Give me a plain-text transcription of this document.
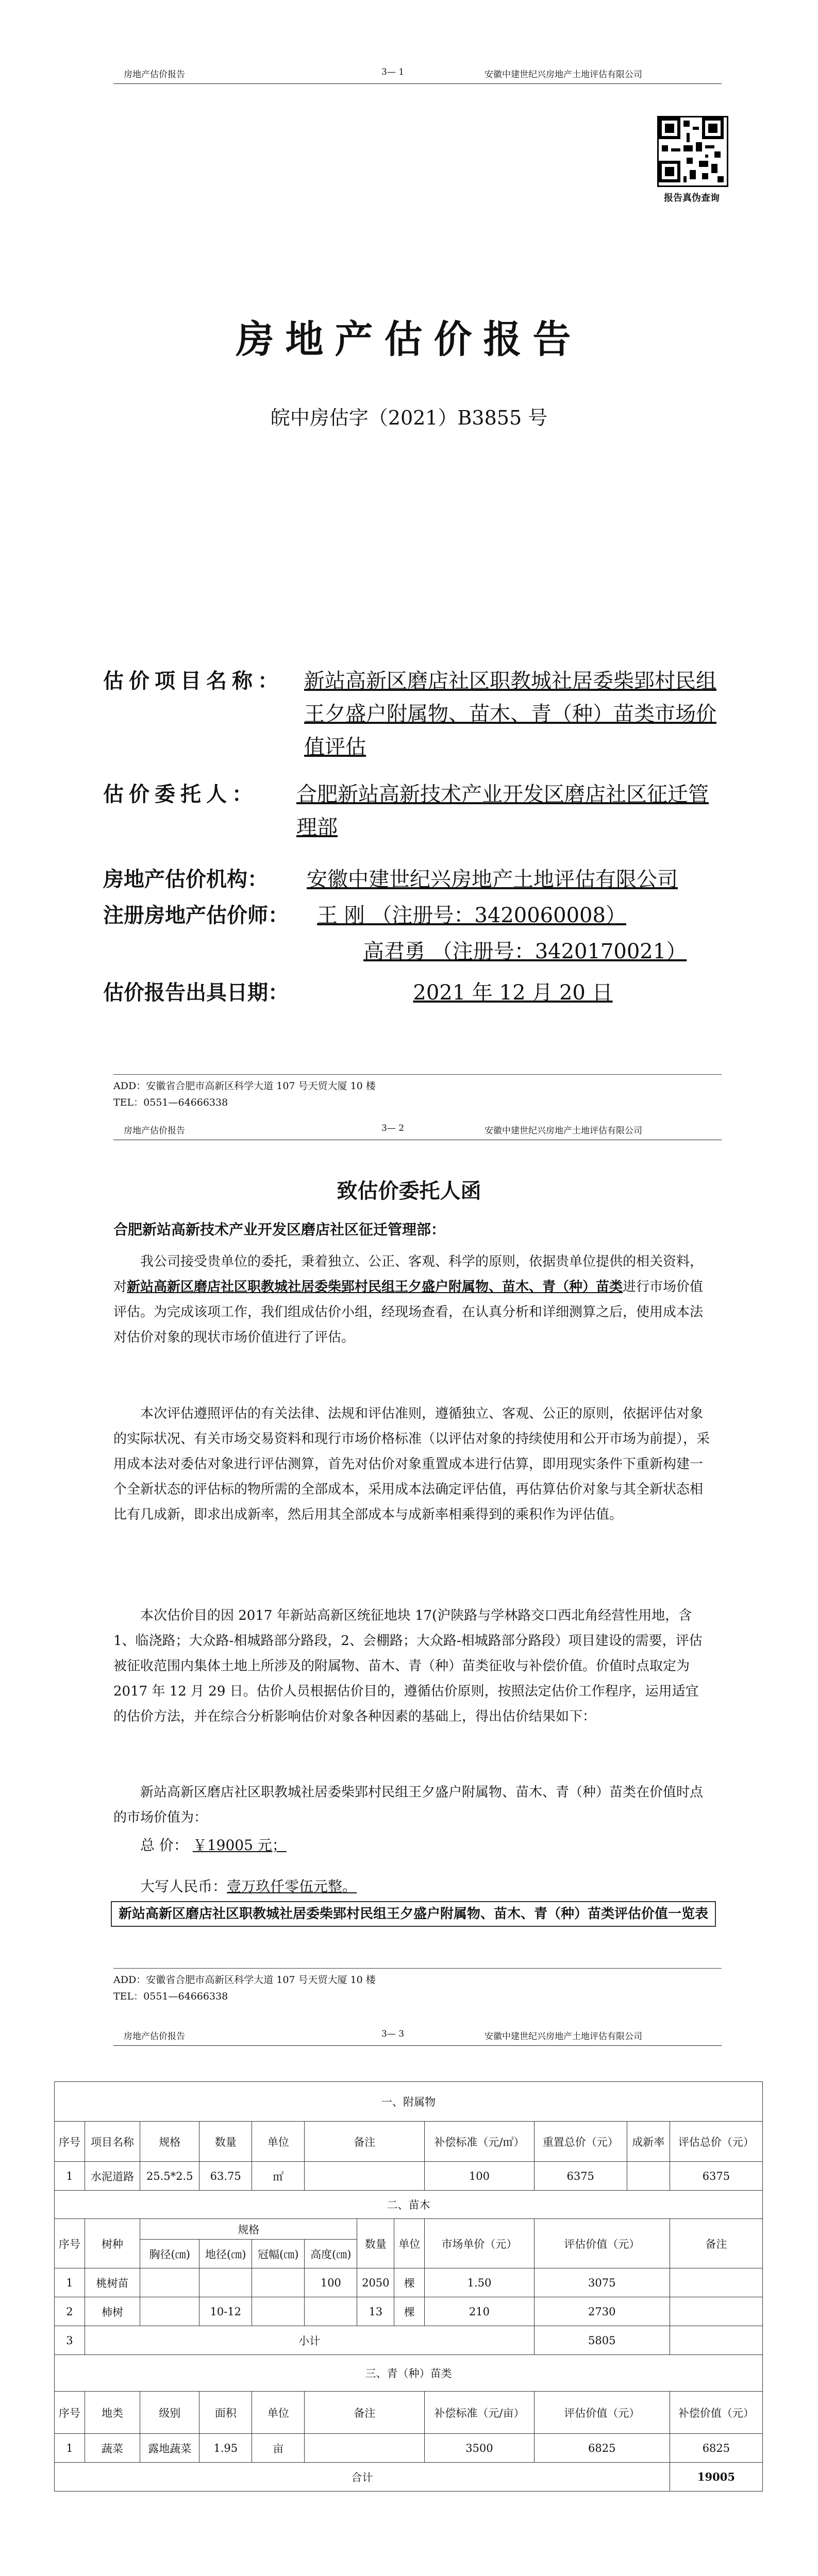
房地产估价报告	3— 1	安徽中建世纪兴房地产土地评估有限公司
报告真伪查询
房地产估价报告
皖中房估字（2021）B3855 号
估价项目名称：	新站高新区磨店社区职教城社居委柴郢村民组王夕盛户附属物、苗木、青（种）苗类市场价值评估
估价委托人：	合肥新站高新技术产业开发区磨店社区征迁管理部
房地产估价机构：	安徽中建世纪兴房地产土地评估有限公司
注册房地产估价师：	王 刚 （注册号：3420060008）
高君勇 （注册号：3420170021）
估价报告出具日期：	2021 年 12 月 20 日
ADD：安徽省合肥市高新区科学大道 107 号天贸大厦 10 楼
TEL：0551—64666338
房地产估价报告	3— 2	安徽中建世纪兴房地产土地评估有限公司
致估价委托人函
合肥新站高新技术产业开发区磨店社区征迁管理部：
我公司接受贵单位的委托，秉着独立、公正、客观、科学的原则，依据贵单位提供的相关资料，对新站高新区磨店社区职教城社居委柴郢村民组王夕盛户附属物、苗木、青（种）苗类进行市场价值评估。为完成该项工作，我们组成估价小组，经现场查看，在认真分析和详细测算之后，使用成本法对估价对象的现状市场价值进行了评估。
本次评估遵照评估的有关法律、法规和评估准则，遵循独立、客观、公正的原则，依据评估对象的实际状况、有关市场交易资料和现行市场价格标准（以评估对象的持续使用和公开市场为前提），采用成本法对委估对象进行评估测算，首先对估价对象重置成本进行估算，即用现实条件下重新构建一个全新状态的评估标的物所需的全部成本，采用成本法确定评估值，再估算估价对象与其全新状态相比有几成新，即求出成新率，然后用其全部成本与成新率相乘得到的乘积作为评估值。
本次估价目的因 2017 年新站高新区统征地块 17(沪陕路与学林路交口西北角经营性用地，含 1、临浇路；大众路-相城路部分路段，2、会棚路；大众路-相城路部分路段）项目建设的需要，评估被征收范围内集体土地上所涉及的附属物、苗木、青（种）苗类征收与补偿价值。价值时点取定为 2017 年 12 月 29 日。估价人员根据估价目的，遵循估价原则，按照法定估价工作程序，运用适宜的估价方法，并在综合分析影响估价对象各种因素的基础上，得出估价结果如下：
新站高新区磨店社区职教城社居委柴郢村民组王夕盛户附属物、苗木、青（种）苗类在价值时点的市场价值为：
总 价： ￥19005 元；
大写人民币：壹万玖仟零伍元整。
新站高新区磨店社区职教城社居委柴郢村民组王夕盛户附属物、苗木、青（种）苗类评估价值一览表
ADD：安徽省合肥市高新区科学大道 107 号天贸大厦 10 楼
TEL：0551—64666338
房地产估价报告	3— 3	安徽中建世纪兴房地产土地评估有限公司
一、附属物											
序号	项目名称	规格	数量	单位	备注			补偿标准（元/㎡）	重置总价（元）	成新率	评估总价（元）
1	水泥道路	25.5*2.5	63.75	㎡				100	6375		6375
二、苗木											
序号	树种	规格				数量	单位	市场单价（元）	评估价值（元）		备注
		胸径(㎝)	地径(㎝)	冠幅(㎝)	高度(㎝)						
1	桃树苗				100	2050	棵	1.50	3075		
2	柿树		10-12			13	棵	210	2730		
3	小计								5805		
三、青（种）苗类											
序号	地类	级别	面积	单位	备注			补偿标准（元/亩）	评估价值（元）		补偿价值（元）
1	蔬菜	露地蔬菜	1.95	亩				3500	6825		6825
合计											19005
